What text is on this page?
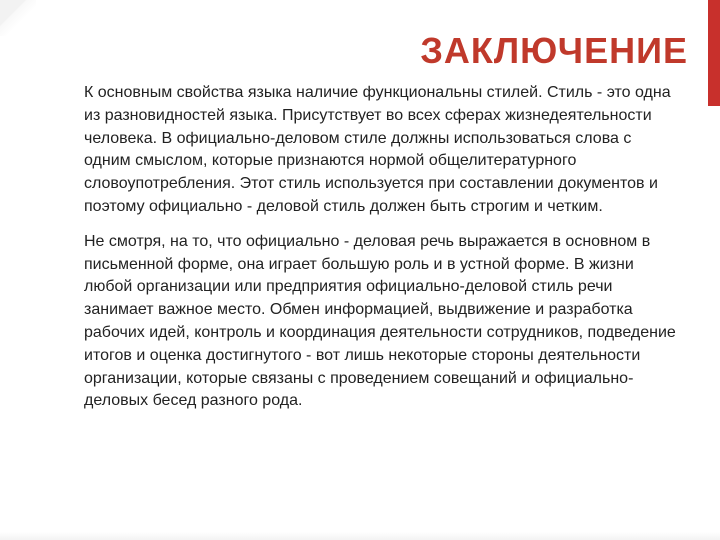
ЗАКЛЮЧЕНИЕ

К основным свойства языка наличие функциональны стилей. Стиль - это одна из разновидностей языка. Присутствует во всех сферах жизнедеятельности человека. В официально-деловом стиле должны использоваться слова с одним смыслом, которые признаются нормой общелитературного словоупотребления. Этот стиль используется при составлении документов и поэтому официально - деловой стиль должен быть строгим и четким.

Не смотря, на то, что официально - деловая речь выражается в основном в письменной форме, она играет большую роль и в устной форме. В жизни любой организации или предприятия официально-деловой стиль речи занимает важное место. Обмен информацией, выдвижение и разработка рабочих идей, контроль и координация деятельности сотрудников, подведение итогов и оценка достигнутого - вот лишь некоторые стороны деятельности организации, которые связаны с проведением совещаний и официально-деловых бесед разного рода.
